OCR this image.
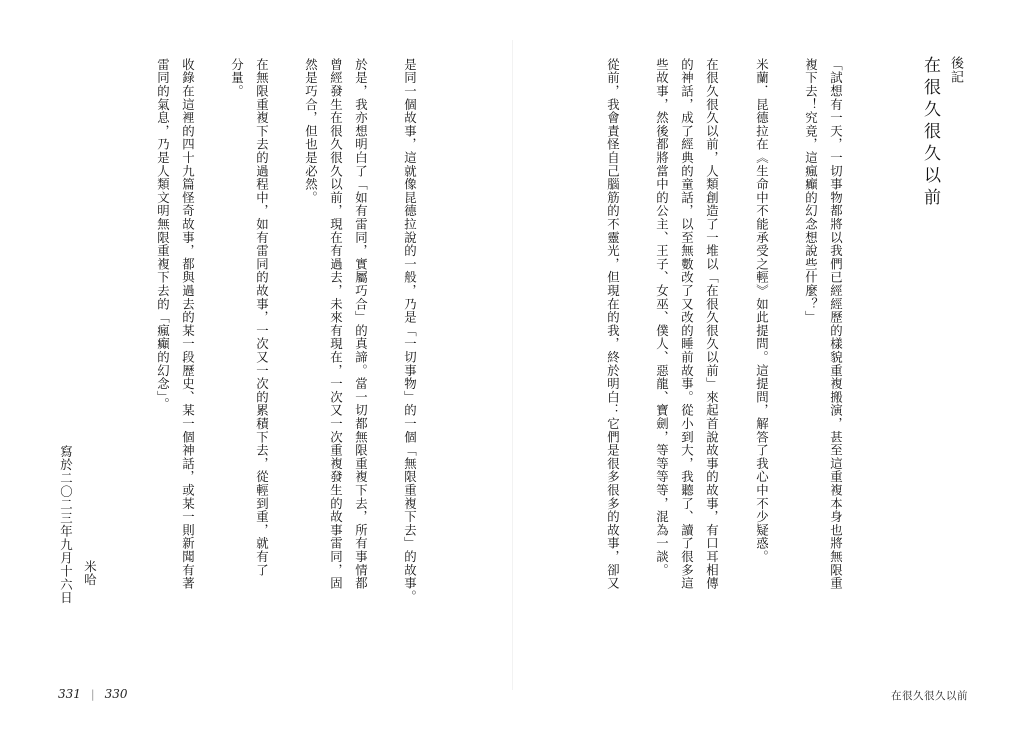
後記
在很久很久以前
「試想有一天，一切事物都將以我們已經經歷的樣貌重複搬演，甚至這重複本身也將無限重
複下去！究竟，這瘋癲的幻念想說些什麼？」
米蘭．昆德拉在《生命中不能承受之輕》如此提問。這提問，解答了我心中不少疑惑。
在很久很久以前，人類創造了一堆以「在很久很久以前」來起首說故事的故事，有口耳相傳
的神話，成了經典的童話，以至無數改了又改的睡前故事。從小到大，我聽了、讀了很多這
些故事，然後都將當中的公主、王子、女巫、僕人、惡龍、寶劍，等等等等，混為一談。
從前，我會責怪自己腦筋的不靈光，但現在的我，終於明白：它們是很多很多的故事，卻又
是同一個故事，這就像昆德拉說的一般，乃是「一切事物」的一個「無限重複下去」的故事。
於是，我亦想明白了「如有雷同，實屬巧合」的真諦。當一切都無限重複下去，所有事情都
曾經發生在很久很久以前，現在有過去，未來有現在，一次又一次重複發生的故事雷同，固
然是巧合，但也是必然。
在無限重複下去的過程中，如有雷同的故事，一次又一次的累積下去，從輕到重，就有了
分量。
收錄在這裡的四十九篇怪奇故事，都與過去的某一段歷史、某一個神話，或某一則新聞有著
雷同的氣息，乃是人類文明無限重複下去的「瘋癲的幻念」。
米哈
寫於二〇二三年九月十六日
331 | 330	在很久很久以前
